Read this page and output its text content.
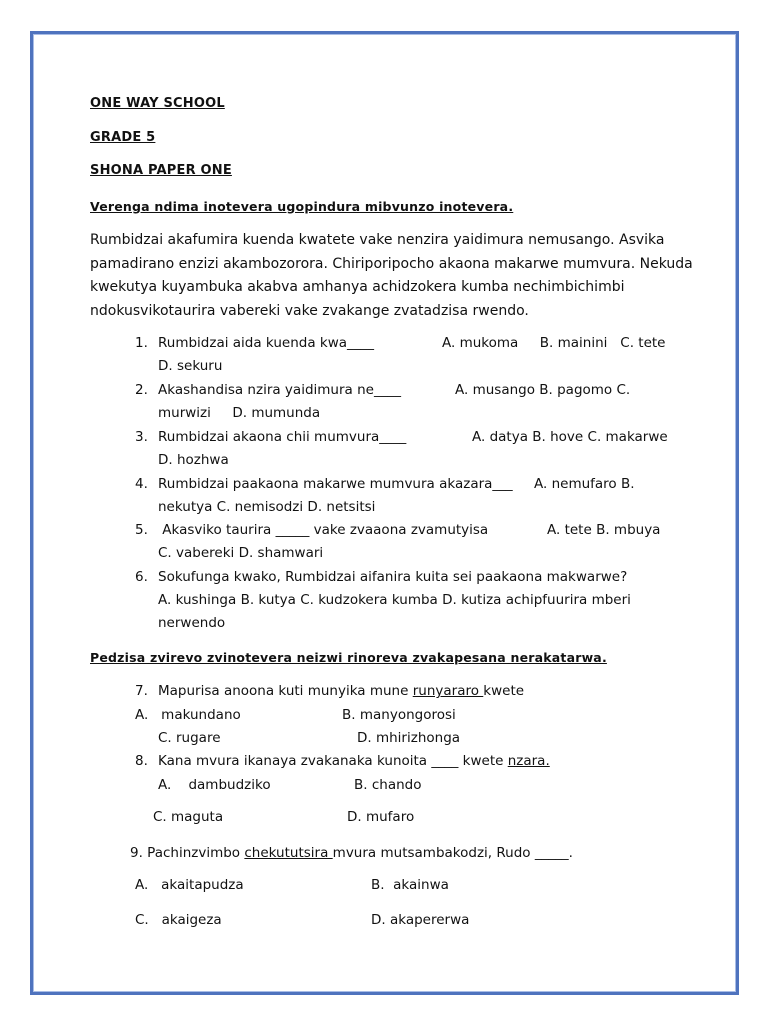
ONE WAY SCHOOL
GRADE 5
SHONA PAPER ONE
Verenga ndima inotevera ugopindura mibvunzo inotevera.
Rumbidzai akafumira kuenda kwatete vake nenzira yaidimura nemusango. Asvika
pamadirano enzizi akambozorora. Chiriporipocho akaona makarwe mumvura. Nekuda
kwekutya kuyambuka akabva amhanya achidzokera kumba nechimbichimbi
ndokusvikotaurira vabereki vake zvakange zvatadzisa rwendo.
1. Rumbidzai aida kuenda kwa____	A. mukoma     B. mainini   C. tete
D. sekuru
2. Akashandisa nzira yaidimura ne____	A. musango B. pagomo C.
murwizi     D. mumunda
3. Rumbidzai akaona chii mumvura____	A. datya B. hove C. makarwe
D. hozhwa
4. Rumbidzai paakaona makarwe mumvura akazara___ A. nemufaro B.
nekutya C. nemisodzi D. netsitsi
5. Akasviko taurira _____ vake zvaaona zvamutyisa	A. tete B. mbuya
C. vabereki D. shamwari
6. Sokufunga kwako, Rumbidzai aifanira kuita sei paakaona makwarwe?
A. kushinga B. kutya C. kudzokera kumba D. kutiza achipfuurira mberi
nerwendo
Pedzisa zvirevo zvinotevera neizwi rinoreva zvakapesana nerakatarwa.
7. Mapurisa anoona kuti munyika mune runyararo kwete
A.   makundano	B. manyongorosi
C. rugare	D. mhirizhonga
8. Kana mvura ikanaya zvakanaka kunoita ____ kwete nzara.
A.    dambudziko	B. chando
C. maguta	D. mufaro
9. Pachinzvimbo chekututsira mvura mutsambakodzi, Rudo _____.
A.   akaitapudza	B.  akainwa
C.   akaigeza	D. akapererwa
